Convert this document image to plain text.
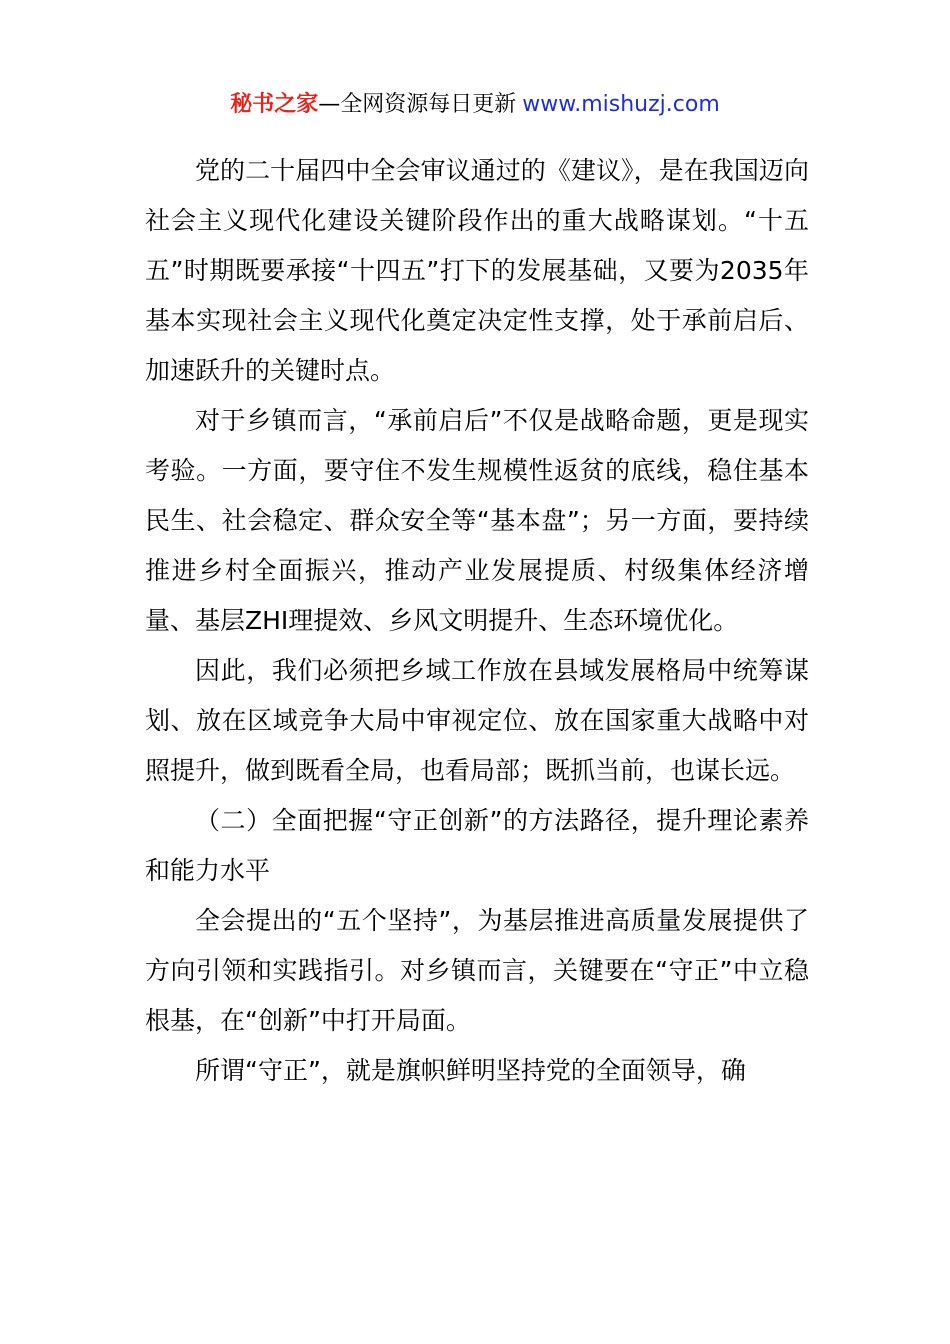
秘书之家—全网资源每日更新 www.mishuzj.com

党的二十届四中全会审议通过的《建议》，是在我国迈向社会主义现代化建设关键阶段作出的重大战略谋划。“十五五”时期既要承接“十四五”打下的发展基础，又要为2035年基本实现社会主义现代化奠定决定性支撑，处于承前启后、加速跃升的关键时点。

对于乡镇而言，“承前启后”不仅是战略命题，更是现实考验。一方面，要守住不发生规模性返贫的底线，稳住基本民生、社会稳定、群众安全等“基本盘”；另一方面，要持续推进乡村全面振兴，推动产业发展提质、村级集体经济增量、基层ZHI理提效、乡风文明提升、生态环境优化。

因此，我们必须把乡域工作放在县域发展格局中统筹谋划、放在区域竞争大局中审视定位、放在国家重大战略中对照提升，做到既看全局，也看局部；既抓当前，也谋长远。

（二）全面把握“守正创新”的方法路径，提升理论素养和能力水平

全会提出的“五个坚持”，为基层推进高质量发展提供了方向引领和实践指引。对乡镇而言，关键要在“守正”中立稳根基，在“创新”中打开局面。

所谓“守正”，就是旗帜鲜明坚持党的全面领导，确
